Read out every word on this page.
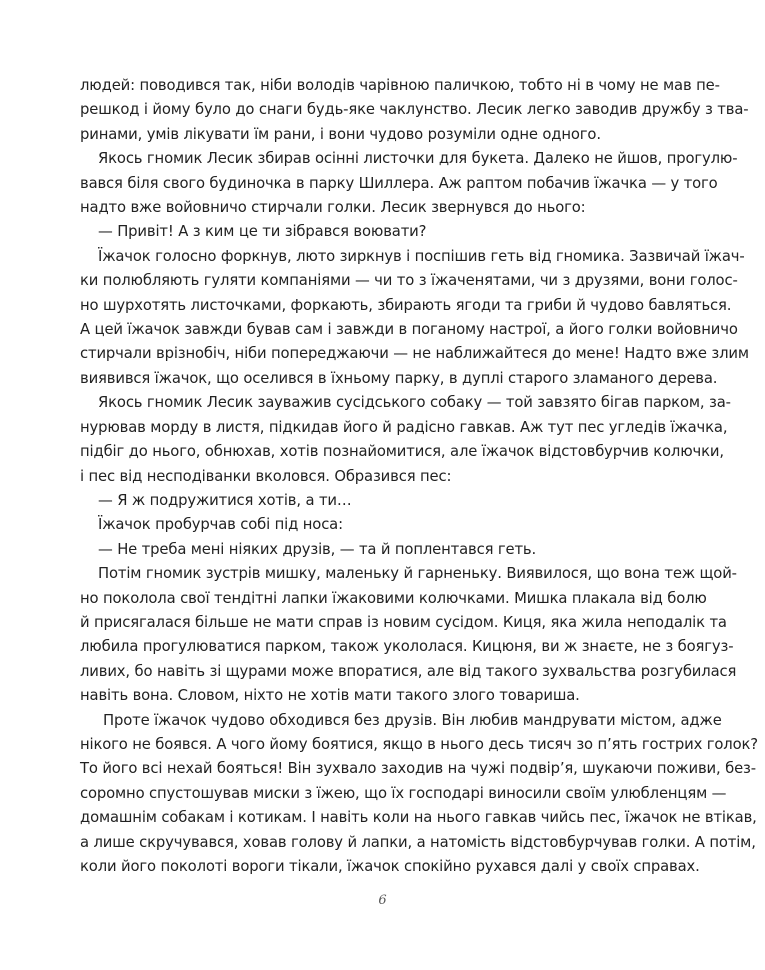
людей: поводився так, ніби володів чарівною паличкою, тобто ні в чому не мав пе-
решкод і йому було до снаги будь-яке чаклунство. Лесик легко заводив дружбу з тва-
ринами, умів лікувати їм рани, і вони чудово розуміли одне одного.
Якось гномик Лесик збирав осінні листочки для букета. Далеко не йшов, прогулю-
вався біля свого будиночка в парку Шиллера. Аж раптом побачив їжачка — у того
надто вже войовничо стирчали голки. Лесик звернувся до нього:
— Привіт! А з ким це ти зібрався воювати?
Їжачок голосно форкнув, люто зиркнув і поспішив геть від гномика. Зазвичай їжач-
ки полюбляють гуляти компаніями — чи то з їжаченятами, чи з друзями, вони голос-
но шурхотять листочками, форкають, збирають ягоди та гриби й чудово бавляться.
А цей їжачок завжди бував сам і завжди в поганому настрої, а його голки войовничо
стирчали врізнобіч, ніби попереджаючи — не наближайтеся до мене! Надто вже злим
виявився їжачок, що оселився в їхньому парку, в дуплі старого зламаного дерева.
Якось гномик Лесик зауважив сусідського собаку — той завзято бігав парком, за-
нурював морду в листя, підкидав його й радісно гавкав. Аж тут пес угледів їжачка,
підбіг до нього, обнюхав, хотів познайомитися, але їжачок відстовбурчив колючки,
і пес від несподіванки вколовся. Образився пес:
— Я ж подружитися хотів, а ти…
Їжачок пробурчав собі під носа:
— Не треба мені ніяких друзів, — та й поплентався геть.
Потім гномик зустрів мишку, маленьку й гарненьку. Виявилося, що вона теж щой-
но поколола свої тендітні лапки їжаковими колючками. Мишка плакала від болю
й присягалася більше не мати справ із новим сусідом. Киця, яка жила неподалік та
любила прогулюватися парком, також укололася. Кицюня, ви ж знаєте, не з боягуз-
ливих, бо навіть зі щурами може впоратися, але від такого зухвальства розгубилася
навіть вона. Словом, ніхто не хотів мати такого злого товариша.
Проте їжачок чудово обходився без друзів. Він любив мандрувати містом, адже
нікого не боявся. А чого йому боятися, якщо в нього десь тисяч зо п’ять гострих голок?
То його всі нехай бояться! Він зухвало заходив на чужі подвір’я, шукаючи поживи, без-
соромно спустошував миски з їжею, що їх господарі виносили своїм улюбленцям —
домашнім собакам і котикам. І навіть коли на нього гавкав чийсь пес, їжачок не втікав,
а лише скручувався, ховав голову й лапки, а натомість відстовбурчував голки. А потім,
коли його поколоті вороги тікали, їжачок спокійно рухався далі у своїх справах.
6
